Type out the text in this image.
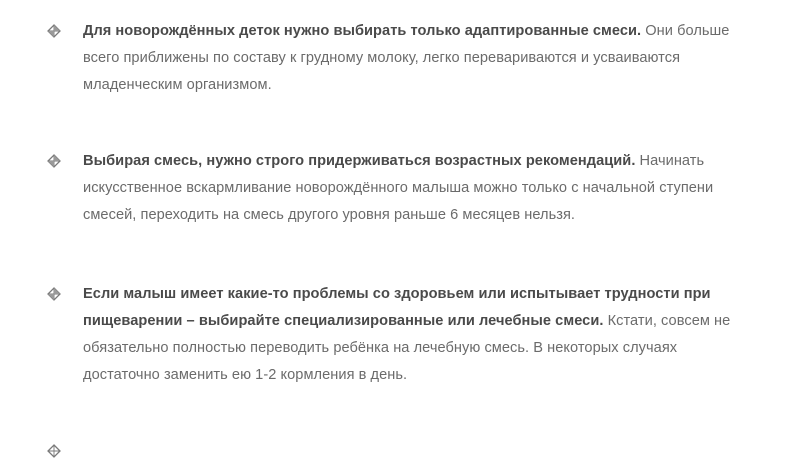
Для новорождённых деток нужно выбирать только адаптированные смеси. Они больше
всего приближены по составу к грудному молоку, легко перевариваются и усваиваются
младенческим организмом.
Выбирая смесь, нужно строго придерживаться возрастных рекомендаций. Начинать
искусственное вскармливание новорождённого малыша можно только с начальной ступени
смесей, переходить на смесь другого уровня раньше 6 месяцев нельзя.
Если малыш имеет какие-то проблемы со здоровьем или испытывает трудности при
пищеварении – выбирайте специализированные или лечебные смеси. Кстати, совсем не
обязательно полностью переводить ребёнка на лечебную смесь. В некоторых случаях
достаточно заменить ею 1-2 кормления в день.
